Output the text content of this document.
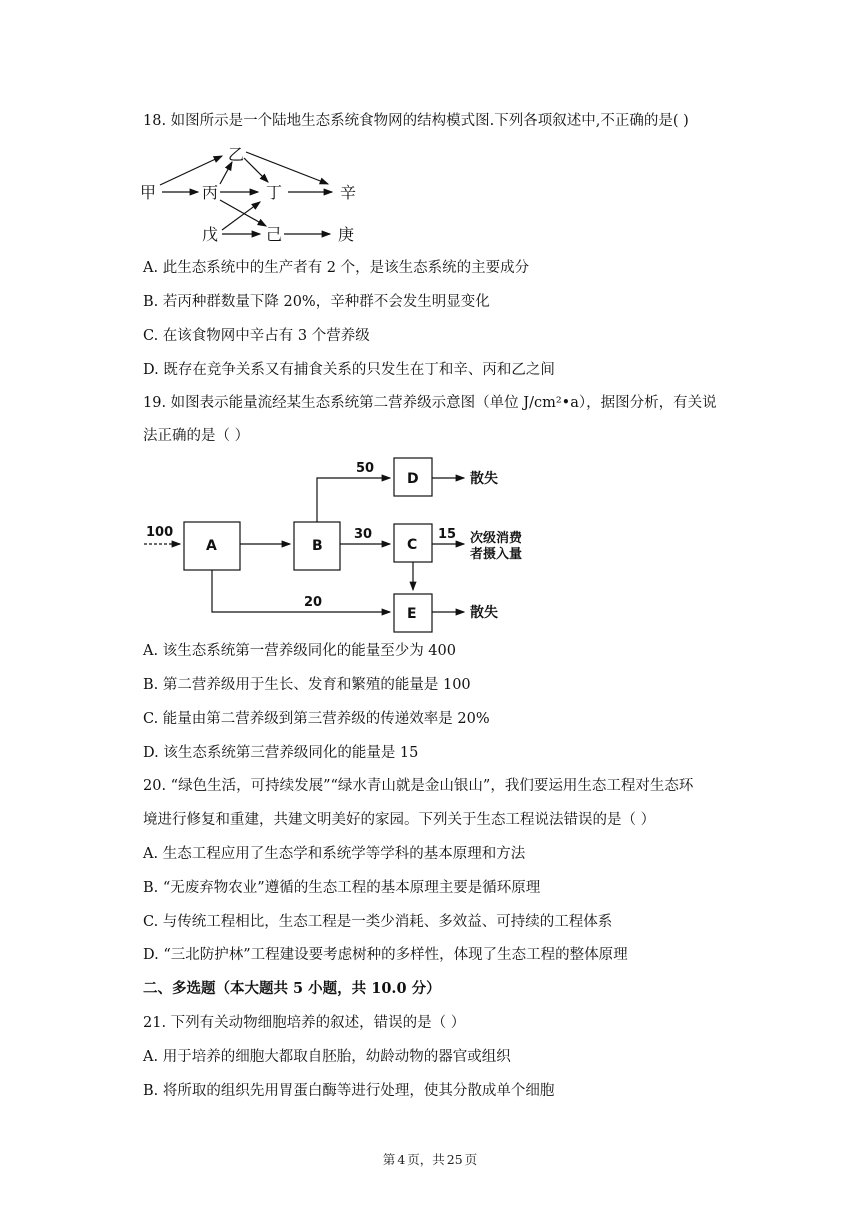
18. 如图所示是一个陆地生态系统食物网的结构模式图.下列各项叙述中,不正确的是( )
甲
乙
丙	丁	辛
戊	己	庚
A. 此生态系统中的生产者有 2 个，是该生态系统的主要成分
B. 若丙种群数量下降 20%，辛种群不会发生明显变化
C. 在该食物网中辛占有 3 个营养级
D. 既存在竞争关系又有捕食关系的只发生在丁和辛、丙和乙之间
19. 如图表示能量流经某生态系统第二营养级示意图（单位 J/cm²•a），据图分析，有关说
法正确的是（ ）
100
A	B
D
C
E
50
30	15
20
散失
次级消费
者摄入量
散失
A. 该生态系统第一营养级同化的能量至少为 400
B. 第二营养级用于生长、发育和繁殖的能量是 100
C. 能量由第二营养级到第三营养级的传递效率是 20%
D. 该生态系统第三营养级同化的能量是 15
20. “绿色生活，可持续发展”“绿水青山就是金山银山”，我们要运用生态工程对生态环
境进行修复和重建，共建文明美好的家园。下列关于生态工程说法错误的是（ ）
A. 生态工程应用了生态学和系统学等学科的基本原理和方法
B. “无废弃物农业”遵循的生态工程的基本原理主要是循环原理
C. 与传统工程相比，生态工程是一类少消耗、多效益、可持续的工程体系
D. “三北防护林”工程建设要考虑树种的多样性，体现了生态工程的整体原理
二、多选题（本大题共 5 小题，共 10.0 分）
21. 下列有关动物细胞培养的叙述，错误的是（ ）
A. 用于培养的细胞大都取自胚胎，幼龄动物的器官或组织
B. 将所取的组织先用胃蛋白酶等进行处理，使其分散成单个细胞
第 4 页，共 25 页
